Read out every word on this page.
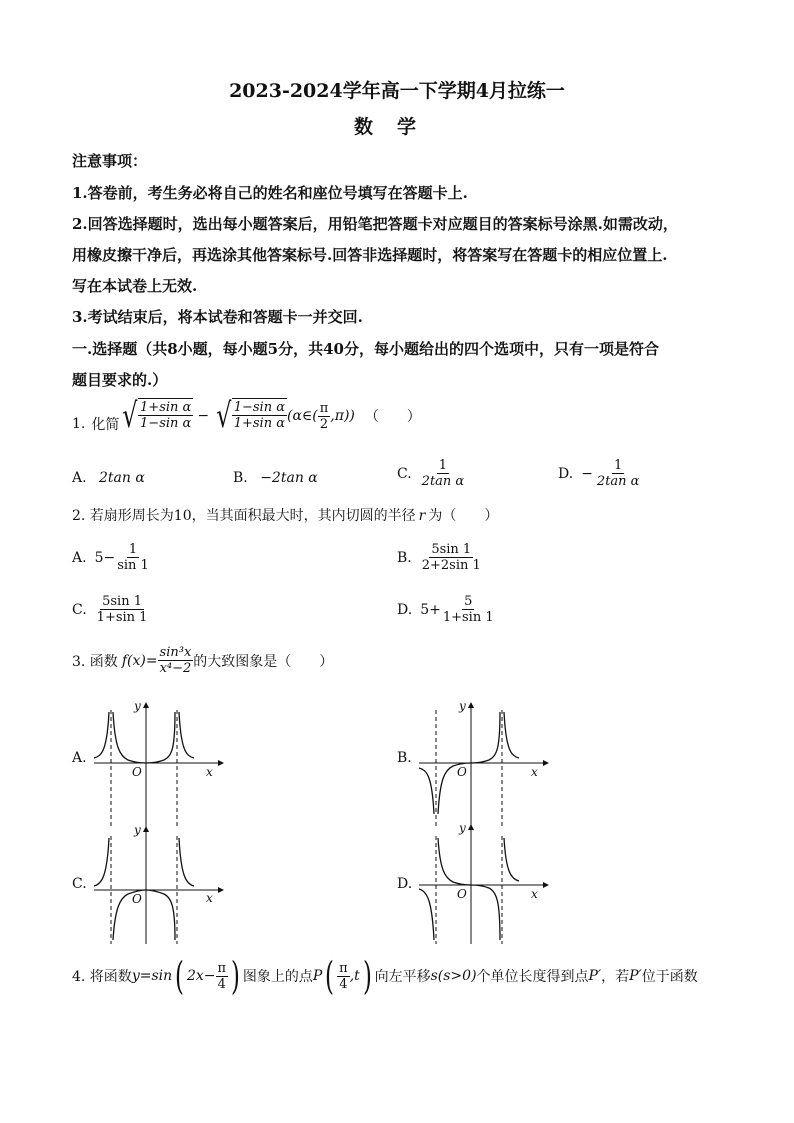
2023-2024学年高一下学期4月拉练一
数学
注意事项：
1.答卷前，考生务必将自己的姓名和座位号填写在答题卡上.
2.回答选择题时，选出每小题答案后，用铅笔把答题卡对应题目的答案标号涂黑.如需改动，
用橡皮擦干净后，再选涂其他答案标号.回答非选择题时，将答案写在答题卡的相应位置上.
写在本试卷上无效.
3.考试结束后，将本试卷和答题卡一并交回.
一.选择题（共8小题，每小题5分，共40分，每小题给出的四个选项中，只有一项是符合
题目要求的.）
1. 化简 √ $\frac{\text{1+sin α}}{\text{1−sin α}}$ − √ $\frac{\text{1−sin α}}{\text{1+sin α}}$ (α∈( $\frac{\pi}{2} ,\pi$)) （　　）
A. 2tan α	B. −2tan α	C. $\frac{1}{\text{2tan α}}$	D. − $\frac{1}{\text{2tan α}}$
2. 若扇形周长为10，当其面积最大时，其内切圆的半径 r 为（　　）
A. $5- \frac{1}{\sin 1}$	B. $\frac{5\sin 1}{2+2\sin 1}$
C. $\frac{5\sin 1}{1+\sin 1}$	D. $5+ \frac{5}{1+\sin 1}$
3. 函数 $f(x)= \frac{\text{sin³x}}{\text{x⁴−2}}$ 的大致图象是（　　）
A.	B.
C.	D.
x
y
O	x
y
O
x
y
O	x
y
O
4. 将函数 y=sin ( $2x- \frac{\pi}{4}$ ) 图象上的点 P ( $\frac{\pi}{4} ,t$ ) 向左平移 s(s>0) 个单位长度得到点 P′ ，若 P′ 位于函数
